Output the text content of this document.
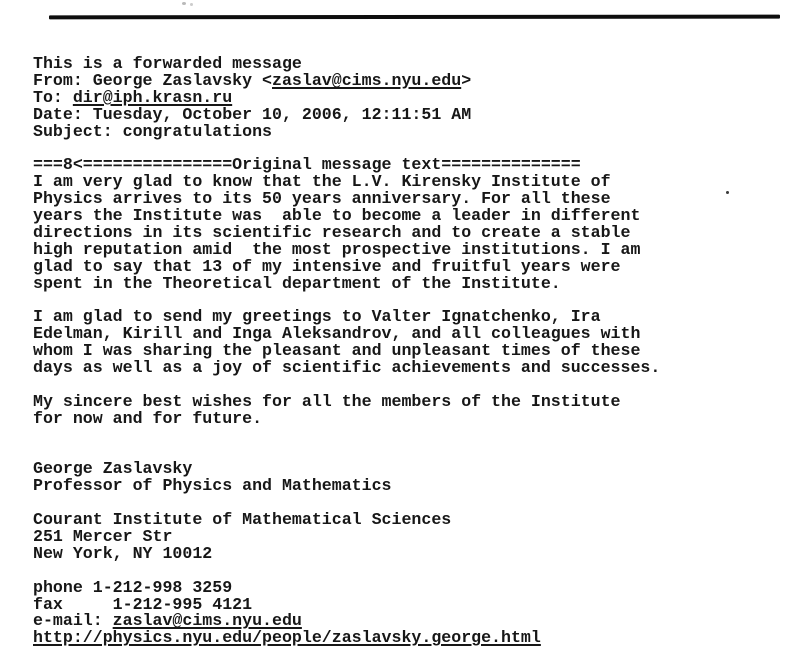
This is a forwarded message
From: George Zaslavsky <zaslav@cims.nyu.edu>
To: dir@iph.krasn.ru
Date: Tuesday, October 10, 2006, 12:11:51 AM
Subject: congratulations
===8<===============Original message text==============
I am very glad to know that the L.V. Kirensky Institute of
Physics arrives to its 50 years anniversary. For all these
years the Institute was  able to become a leader in different
directions in its scientific research and to create a stable
high reputation amid  the most prospective institutions. I am
glad to say that 13 of my intensive and fruitful years were
spent in the Theoretical department of the Institute.
I am glad to send my greetings to Valter Ignatchenko, Ira
Edelman, Kirill and Inga Aleksandrov, and all colleagues with
whom I was sharing the pleasant and unpleasant times of these
days as well as a joy of scientific achievements and successes.
My sincere best wishes for all the members of the Institute
for now and for future.
George Zaslavsky
Professor of Physics and Mathematics
Courant Institute of Mathematical Sciences
251 Mercer Str
New York, NY 10012
phone 1-212-998 3259
fax     1-212-995 4121
e-mail: zaslav@cims.nyu.edu
http://physics.nyu.edu/people/zaslavsky.george.html
